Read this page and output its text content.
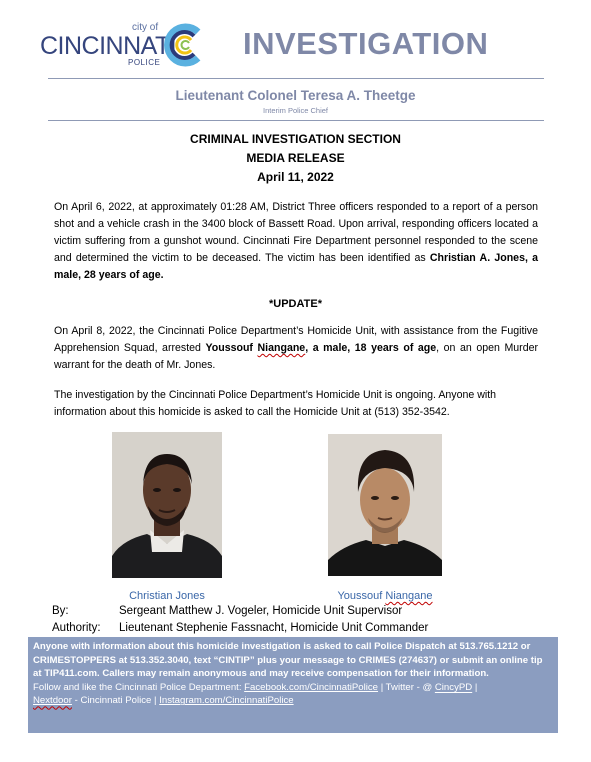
city of
CINCINNATI
POLICE
INVESTIGATION
Lieutenant Colonel Teresa A. Theetge
Interim Police Chief
CRIMINAL INVESTIGATION SECTION
MEDIA RELEASE
April 11, 2022

On April 6, 2022, at approximately 01:28 AM, District Three officers responded to a report of a person shot and a vehicle crash in the 3400 block of Bassett Road. Upon arrival, responding officers located a victim suffering from a gunshot wound. Cincinnati Fire Department personnel responded to the scene and determined the victim to be deceased. The victim has been identified as Christian A. Jones, a male, 28 years of age.

*UPDATE*

On April 8, 2022, the Cincinnati Police Department’s Homicide Unit, with assistance from the Fugitive Apprehension Squad, arrested Youssouf Niangane, a male, 18 years of age, on an open Murder warrant for the death of Mr. Jones.

The investigation by the Cincinnati Police Department’s Homicide Unit is ongoing. Anyone with information about this homicide is asked to call the Homicide Unit at (513) 352-3542.

Christian Jones	Youssouf Niangane
By:	Sergeant Matthew J. Vogeler, Homicide Unit Supervisor
Authority: Lieutenant Stephenie Fassnacht, Homicide Unit Commander
Anyone with information about this homicide investigation is asked to call Police Dispatch at 513.765.1212 or CRIMESTOPPERS at 513.352.3040, text “CINTIP” plus your message to CRIMES (274637) or submit an online tip at TIP411.com. Callers may remain anonymous and may receive compensation for their information.
Follow and like the Cincinnati Police Department: Facebook.com/CincinnatiPolice | Twitter - @ CincyPD |
Nextdoor - Cincinnati Police | Instagram.com/CincinnatiPolice
